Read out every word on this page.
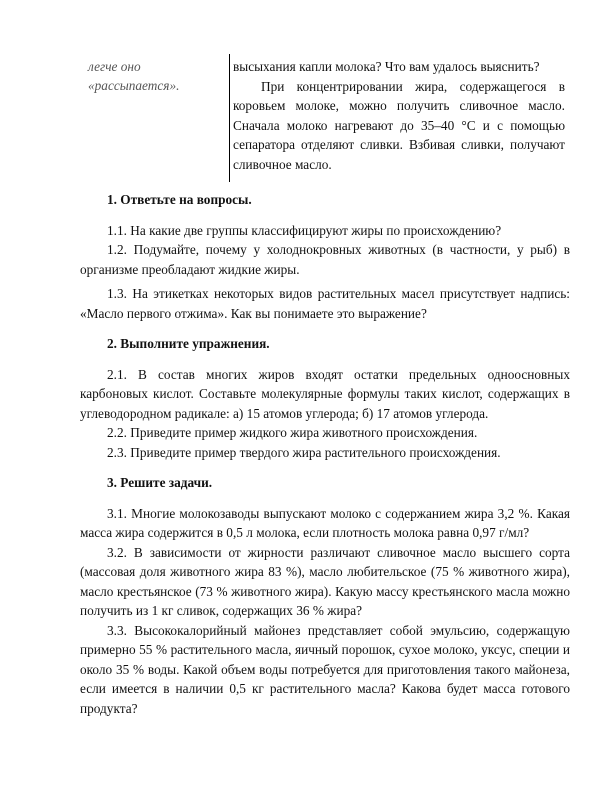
легче оно
«рассыпается».

высыхания капли молока? Что вам удалось выяснить?

При концентрировании жира, содержащегося в коровьем молоке, можно получить сливочное масло. Сначала молоко нагревают до 35–40 °С и с помощью сепаратора отделяют сливки. Взбивая сливки, получают сливочное масло.

1. Ответьте на вопросы.

1.1. На какие две группы классифицируют жиры по происхождению?

1.2. Подумайте, почему у холоднокровных животных (в частности, у рыб) в организме преобладают жидкие жиры.

1.3. На этикетках некоторых видов растительных масел присутствует надпись: «Масло первого отжима». Как вы понимаете это выражение?

2. Выполните упражнения.

2.1. В состав многих жиров входят остатки предельных одноосновных карбоновых кислот. Составьте молекулярные формулы таких кислот, содержащих в углеводородном радикале: а) 15 атомов углерода; б) 17 атомов углерода.

2.2. Приведите пример жидкого жира животного происхождения.

2.3. Приведите пример твердого жира растительного происхождения.

3. Решите задачи.

3.1. Многие молокозаводы выпускают молоко с содержанием жира 3,2 %. Какая масса жира содержится в 0,5 л молока, если плотность молока равна 0,97 г/мл?

3.2. В зависимости от жирности различают сливочное масло высшего сорта (массовая доля животного жира 83 %), масло любительское (75 % животного жира), масло крестьянское (73 % животного жира). Какую массу крестьянского масла можно получить из 1 кг сливок, содержащих 36 % жира?

3.3. Высококалорийный майонез представляет собой эмульсию, содержащую примерно 55 % растительного масла, яичный порошок, сухое молоко, уксус, специи и около 35 % воды. Какой объем воды потребуется для приготовления такого майонеза, если имеется в наличии 0,5 кг растительного масла? Какова будет масса готового продукта?
